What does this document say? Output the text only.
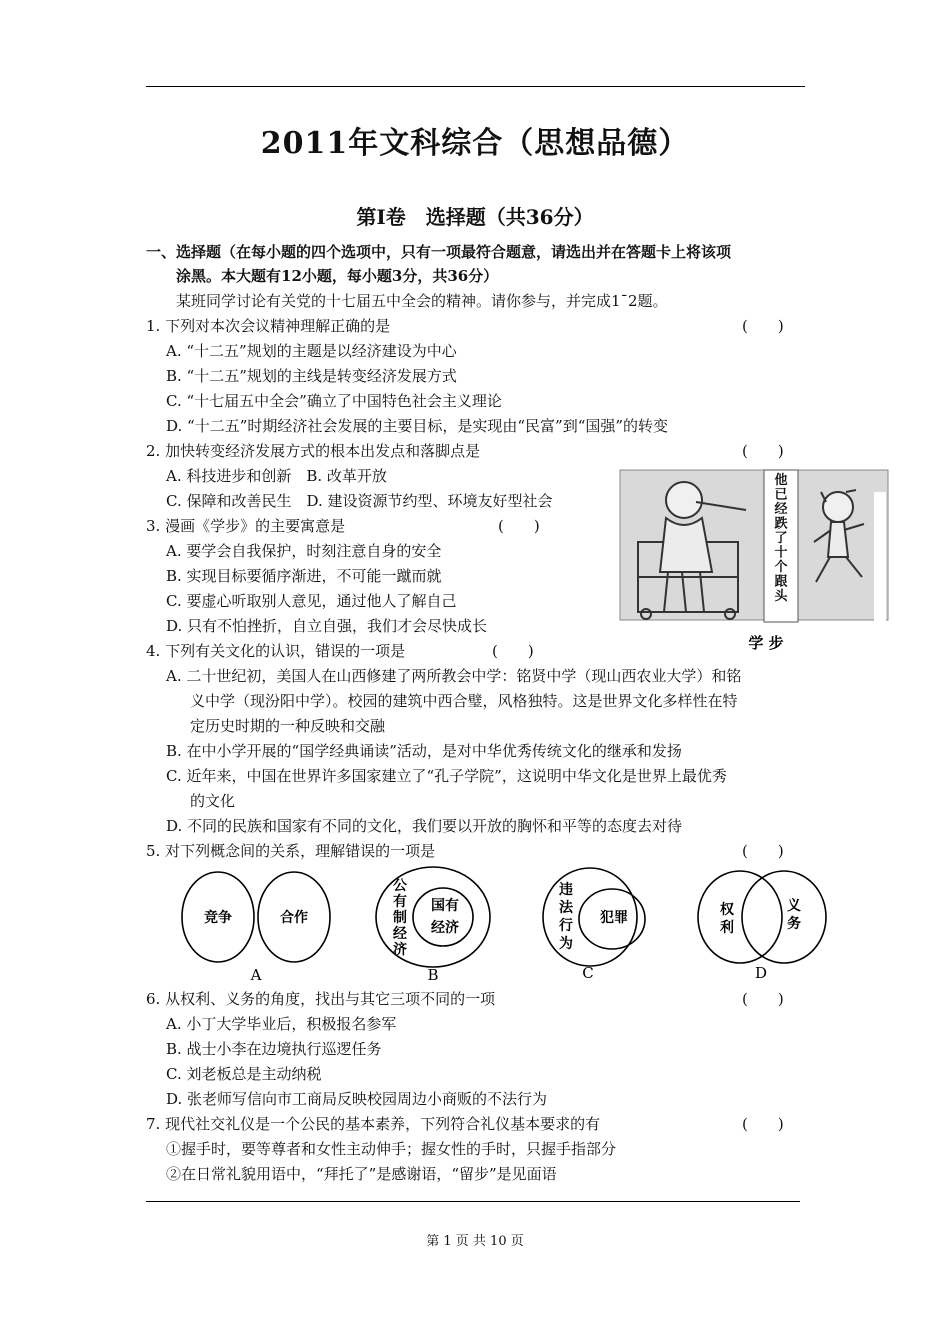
2011年文科综合（思想品德）
第Ⅰ卷　选择题（共36分）
一、选择题（在每小题的四个选项中，只有一项最符合题意，请选出并在答题卡上将该项
涂黑。本大题有12小题，每小题3分，共36分）
某班同学讨论有关党的十七届五中全会的精神。请你参与，并完成1¯2题。
1. 下列对本次会议精神理解正确的是	(　　)
A. “十二五”规划的主题是以经济建设为中心
B. “十二五”规划的主线是转变经济发展方式
C. “十七届五中全会”确立了中国特色社会主义理论
D. “十二五”时期经济社会发展的主要目标，是实现由“民富”到“国强”的转变
2. 加快转变经济发展方式的根本出发点和落脚点是	(　　)
A. 科技进步和创新　B. 改革开放
C. 保障和改善民生　D. 建设资源节约型、环境友好型社会
3. 漫画《学步》的主要寓意是	(　　)
A. 要学会自我保护，时刻注意自身的安全
B. 实现目标要循序渐进，不可能一蹴而就
C. 要虚心听取别人意见，通过他人了解自己
D. 只有不怕挫折，自立自强，我们才会尽快成长
他已经跌了十个跟头
学 步
4. 下列有关文化的认识，错误的一项是	(　　)
A. 二十世纪初，美国人在山西修建了两所教会中学：铭贤中学（现山西农业大学）和铭
义中学（现汾阳中学）。校园的建筑中西合璧，风格独特。这是世界文化多样性在特
定历史时期的一种反映和交融
B. 在中小学开展的“国学经典诵读”活动，是对中华优秀传统文化的继承和发扬
C. 近年来，中国在世界许多国家建立了“孔子学院”，这说明中华文化是世界上最优秀
的文化
D. 不同的民族和国家有不同的文化，我们要以开放的胸怀和平等的态度去对待
5. 对下列概念间的关系，理解错误的一项是	(　　)
竞争	合作
公
有
制
经
济
国有
经济
违
法
行
为
犯罪	权
利
义
务
A	B	C	D
6. 从权利、义务的角度，找出与其它三项不同的一项	(　　)
A. 小丁大学毕业后，积极报名参军
B. 战士小李在边境执行巡逻任务
C. 刘老板总是主动纳税
D. 张老师写信向市工商局反映校园周边小商贩的不法行为
7. 现代社交礼仪是一个公民的基本素养，下列符合礼仪基本要求的有	(　　)
①握手时，要等尊者和女性主动伸手；握女性的手时，只握手指部分
②在日常礼貌用语中，“拜托了”是感谢语，“留步”是见面语
第 1 页 共 10 页
